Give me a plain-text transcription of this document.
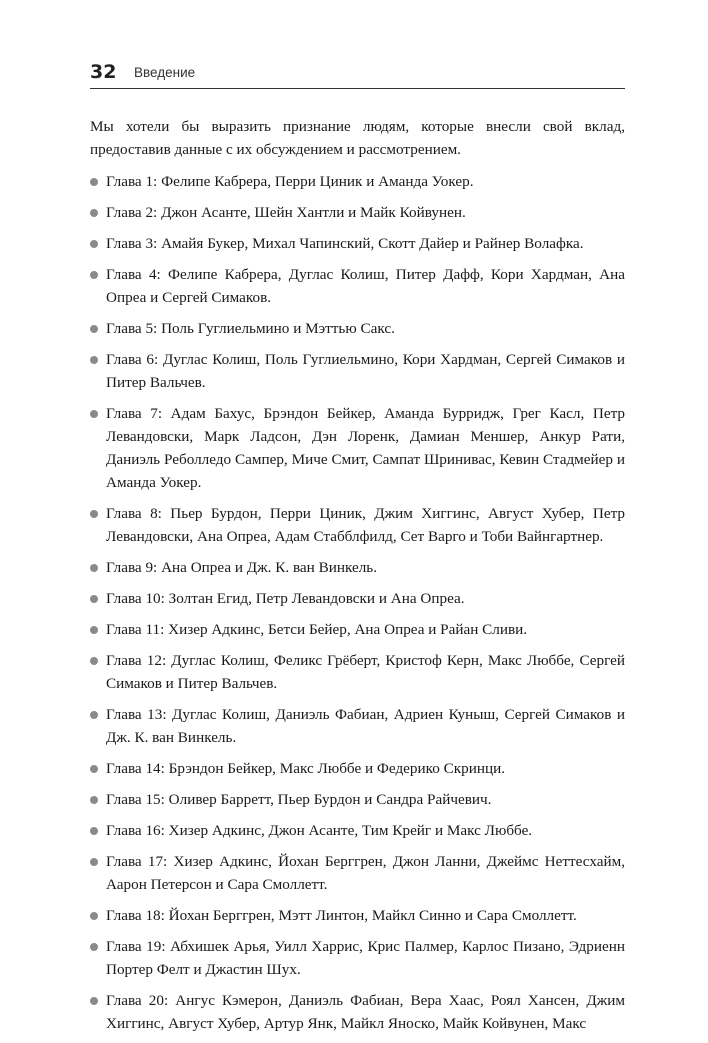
32 Введение

Мы хотели бы выразить признание людям, которые внесли свой вклад, предоставив данные с их обсуждением и рассмотрением.

Глава 1: Фелипе Кабрера, Перри Циник и Аманда Уокер.
Глава 2: Джон Асанте, Шейн Хантли и Майк Койвунен.
Глава 3: Амайя Букер, Михал Чапинский, Скотт Дайер и Райнер Волафка.
Глава 4: Фелипе Кабрера, Дуглас Колиш, Питер Дафф, Кори Хардман, Ана Опреа и Сергей Симаков.
Глава 5: Поль Гуглиельмино и Мэттью Сакс.
Глава 6: Дуглас Колиш, Поль Гуглиельмино, Кори Хардман, Сергей Симаков и Питер Вальчев.
Глава 7: Адам Бахус, Брэндон Бейкер, Аманда Бурридж, Грег Касл, Петр Левандовски, Марк Ладсон, Дэн Лоренк, Дамиан Меншер, Анкур Рати, Даниэль Реболледо Сампер, Миче Смит, Сампат Шринивас, Кевин Стадмейер и Аманда Уокер.
Глава 8: Пьер Бурдон, Перри Циник, Джим Хиггинс, Август Хубер, Петр Левандовски, Ана Опреа, Адам Стабблфилд, Сет Варго и Тоби Вайнгартнер.
Глава 9: Ана Опреа и Дж. К. ван Винкель.
Глава 10: Золтан Егид, Петр Левандовски и Ана Опреа.
Глава 11: Хизер Адкинс, Бетси Бейер, Ана Опреа и Райан Сливи.
Глава 12: Дуглас Колиш, Феликс Грёберт, Кристоф Керн, Макс Люббе, Сергей Симаков и Питер Вальчев.
Глава 13: Дуглас Колиш, Даниэль Фабиан, Адриен Куныш, Сергей Симаков и Дж. К. ван Винкель.
Глава 14: Брэндон Бейкер, Макс Люббе и Федерико Скринци.
Глава 15: Оливер Барретт, Пьер Бурдон и Сандра Райчевич.
Глава 16: Хизер Адкинс, Джон Асанте, Тим Крейг и Макс Люббе.
Глава 17: Хизер Адкинс, Йохан Берггрен, Джон Ланни, Джеймс Неттесхайм, Аарон Петерсон и Сара Смоллетт.
Глава 18: Йохан Берггрен, Мэтт Линтон, Майкл Синно и Сара Смоллетт.
Глава 19: Абхишек Арья, Уилл Харрис, Крис Палмер, Карлос Пизано, Эдриенн Портер Фелт и Джастин Шух.
Глава 20: Ангус Кэмерон, Даниэль Фабиан, Вера Хаас, Роял Хансен, Джим Хиггинс, Август Хубер, Артур Янк, Майкл Яноско, Майк Койвунен, Макс
